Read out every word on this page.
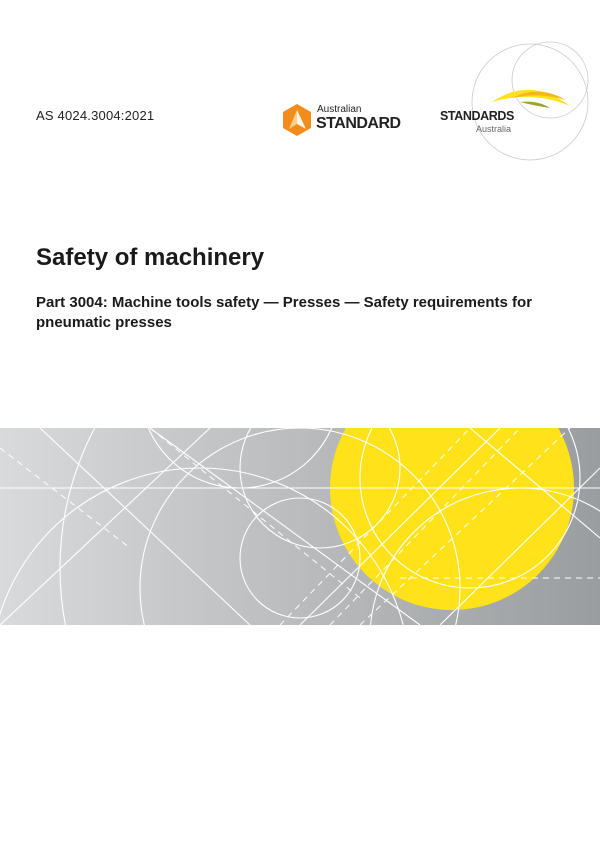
AS 4024.3004:2021	Australian
STANDARD	STANDARDS
Australia
Safety of machinery

Part 3004: Machine tools safety — Presses — Safety requirements for pneumatic presses
